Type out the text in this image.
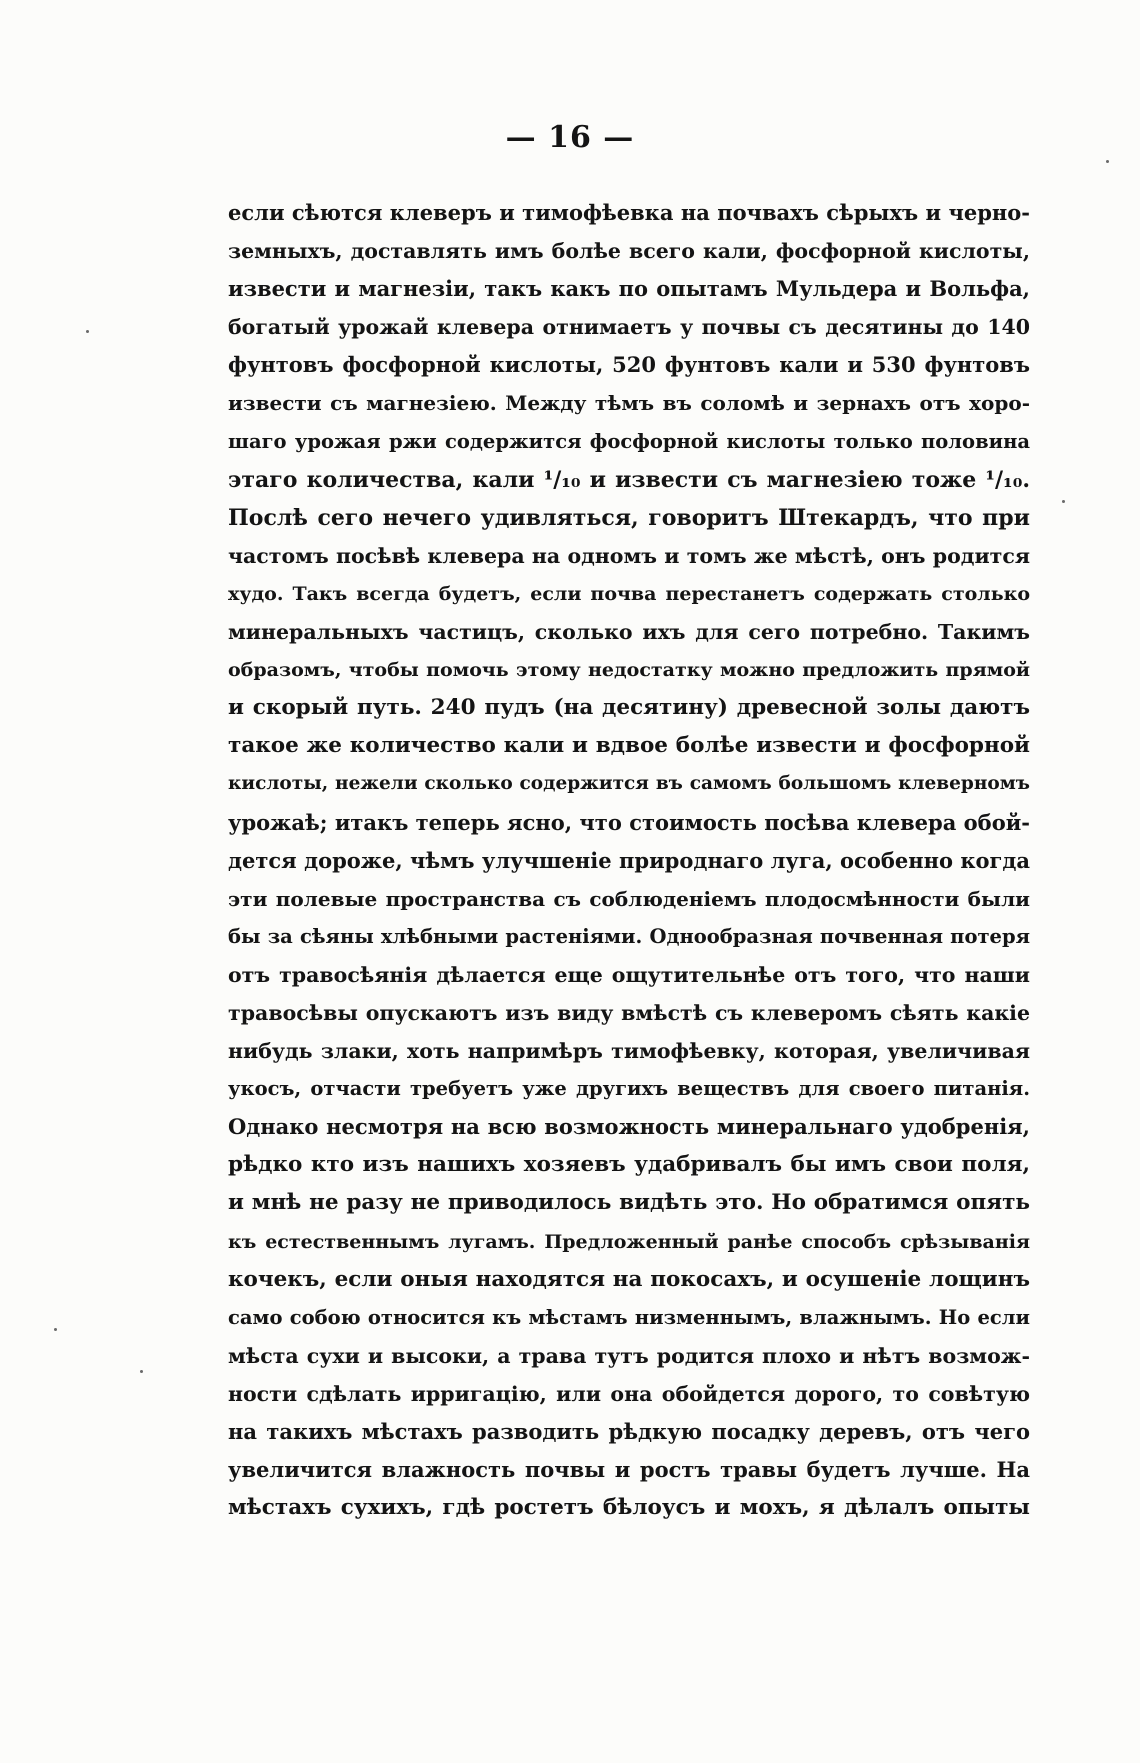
— 16 —
если сѣются клеверъ и тимофѣевка на почвахъ сѣрыхъ и черно-
земныхъ, доставлять имъ болѣе всего кали, фосфорной кислоты,
извести и магнезіи, такъ какъ по опытамъ Мульдера и Вольфа,
богатый урожай клевера отнимаетъ у почвы съ десятины до 140
фунтовъ фосфорной кислоты, 520 фунтовъ кали и 530 фунтовъ
извести съ магнезіею. Между тѣмъ въ соломѣ и зернахъ отъ хоро-
шаго урожая ржи содержится фосфорной кислоты только половина
этаго количества, кали ¹/₁₀ и извести съ магнезіею тоже ¹/₁₀.
Послѣ сего нечего удивляться, говоритъ Штекардъ, что при
частомъ посѣвѣ клевера на одномъ и томъ же мѣстѣ, онъ родится
худо. Такъ всегда будетъ, если почва перестанетъ содержать столько
минеральныхъ частицъ, сколько ихъ для сего потребно. Такимъ
образомъ, чтобы помочь этому недостатку можно предложить прямой
и скорый путь. 240 пудъ (на десятину) древесной золы даютъ
такое же количество кали и вдвое болѣе извести и фосфорной
кислоты, нежели сколько содержится въ самомъ большомъ клеверномъ
урожаѣ; итакъ теперь ясно, что стоимость посѣва клевера обой-
дется дороже, чѣмъ улучшеніе природнаго луга, особенно когда
эти полевые пространства съ соблюденіемъ плодосмѣнности были
бы за сѣяны хлѣбными растеніями. Однообразная почвенная потеря
отъ травосѣянія дѣлается еще ощутительнѣе отъ того, что наши
травосѣвы опускаютъ изъ виду вмѣстѣ съ клеверомъ сѣять какіе
нибудь злаки, хоть напримѣръ тимофѣевку, которая, увеличивая
укосъ, отчасти требуетъ уже другихъ веществъ для своего питанія.
Однако несмотря на всю возможность минеральнаго удобренія,
рѣдко кто изъ нашихъ хозяевъ удабривалъ бы имъ свои поля,
и мнѣ не разу не приводилось видѣть это. Но обратимся опять
къ естественнымъ лугамъ. Предложенный ранѣе способъ срѣзыванія
кочекъ, если оныя находятся на покосахъ, и осушеніе лощинъ
само собою относится къ мѣстамъ низменнымъ, влажнымъ. Но если
мѣста сухи и высоки, а трава тутъ родится плохо и нѣтъ возмож-
ности сдѣлать ирригацію, или она обойдется дорого, то совѣтую
на такихъ мѣстахъ разводить рѣдкую посадку деревъ, отъ чего
увеличится влажность почвы и ростъ травы будетъ лучше. На
мѣстахъ сухихъ, гдѣ ростетъ бѣлоусъ и мохъ, я дѣлалъ опыты
